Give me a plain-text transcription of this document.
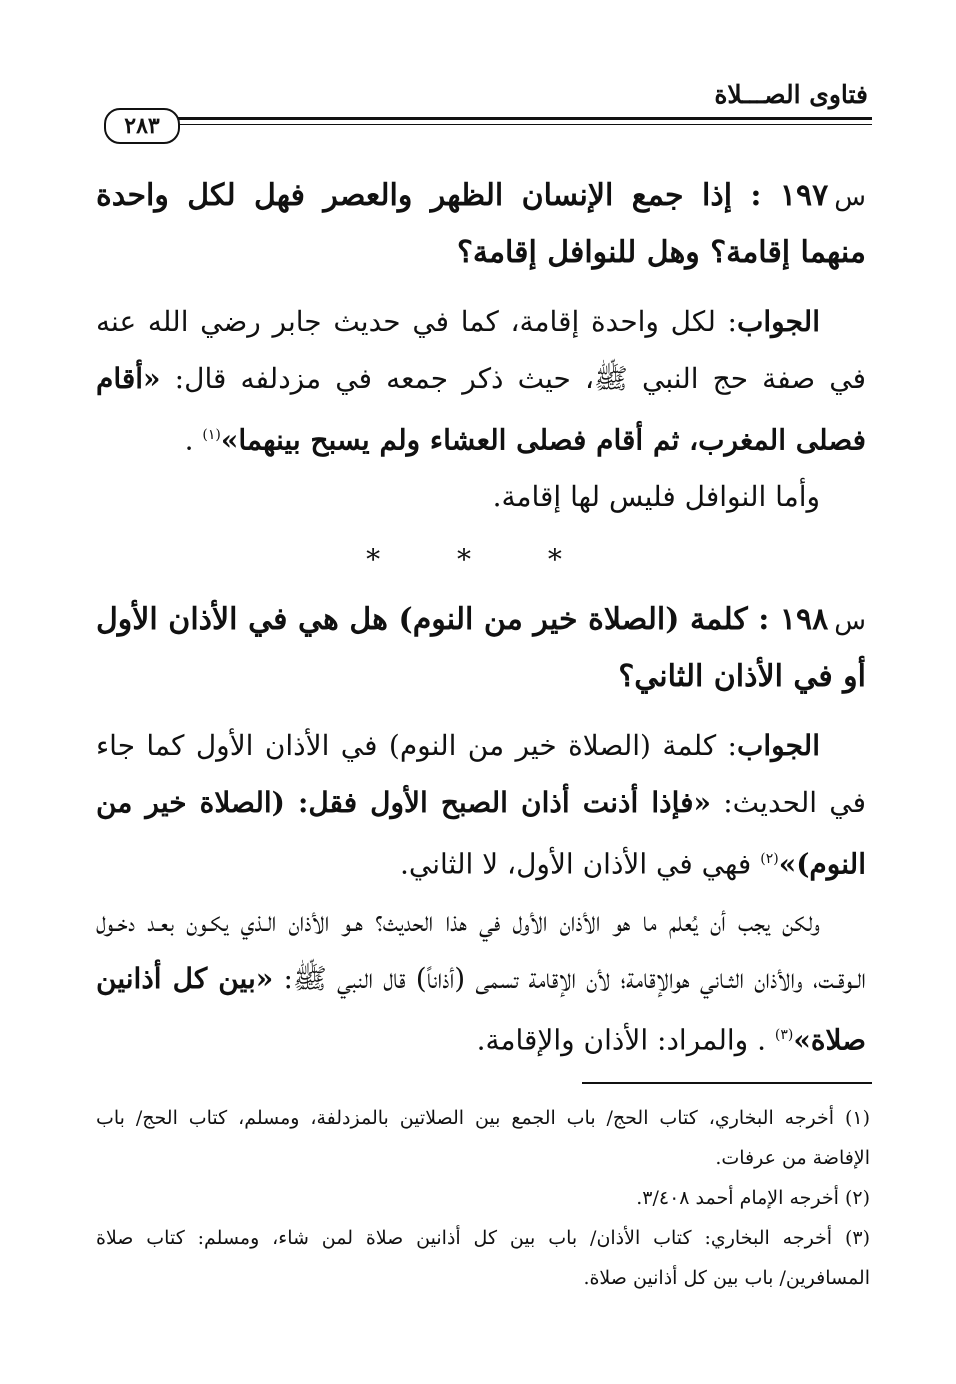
فتاوى الصـــلاة
٢٨٣

س١٩٧ : إذا جمع الإنسان الظهر والعصر فهل لكل واحدة منهما إقامة؟ وهل للنوافل إقامة؟

الجواب: لكل واحدة إقامة، كما في حديث جابر رضي الله عنه في صفة حج النبي ﷺ، حيث ذكر جمعه في مزدلفه قال: «أقام فصلى المغرب، ثم أقام فصلى العشاء ولم يسبح بينهما»$^{(١)}$ .

وأما النوافل فليس لها إقامة.

* * *

س١٩٨ : كلمة (الصلاة خير من النوم) هل هي في الأذان الأول أو في الأذان الثاني؟

الجواب: كلمة (الصلاة خير من النوم) في الأذان الأول كما جاء في الحديث: «فإذا أذنت أذان الصبح الأول فقل: (الصلاة خير من النوم)»$^{(٢)}$ فهي في الأذان الأول، لا الثاني.

ولكن يجب أن يُعلم ما هو الأذان الأول في هذا الحديث؟ هـو الأذان الـذي يكـون بعـد دخـول الـوقـت، والأذان الثـاني هوالإقامة؛ لأن الإقامة تسمى (أذاناً) قال النبي ﷺ: «بين كل أذانين صلاة»$^{(٣)}$ . والمراد: الأذان والإقامة.

(١) أخرجه البخاري، كتاب الحج/ باب الجمع بين الصلاتين بالمزدلفة، ومسلم، كتاب الحج/ باب الإفاضة من عرفات.

(٢) أخرجه الإمام أحمد ٣/٤٠٨.

(٣) أخرجه البخاري: كتاب الأذان/ باب بين كل أذانين صلاة لمن شاء، ومسلم: كتاب صلاة المسافرين/ باب بين كل أذانين صلاة.
